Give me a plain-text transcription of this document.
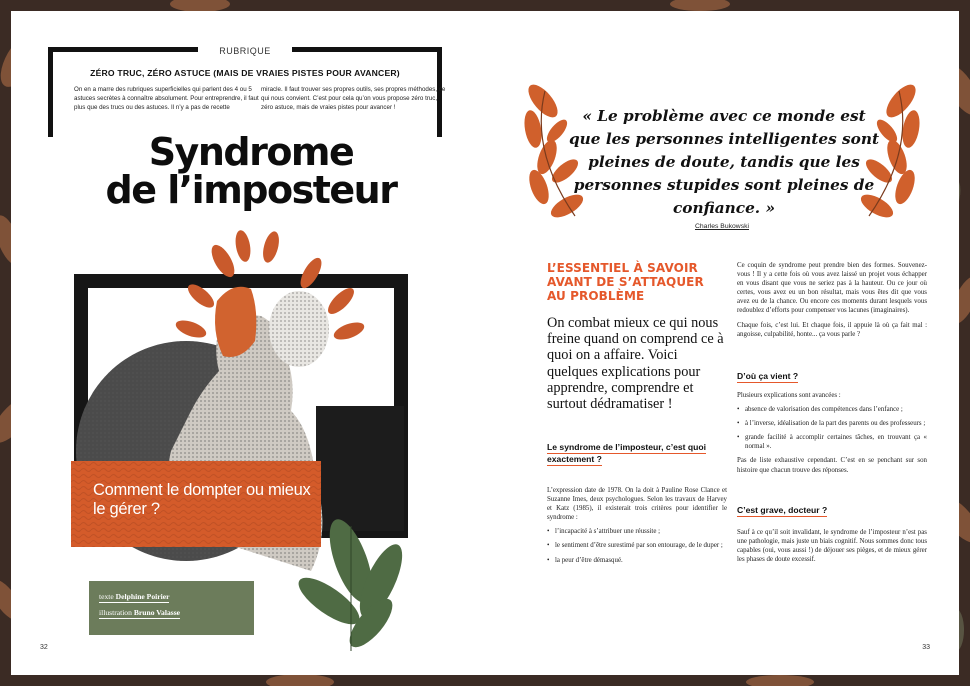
RUBRIQUE
ZÉRO TRUC, ZÉRO ASTUCE (MAIS DE VRAIES PISTES POUR AVANCER)
On en a marre des rubriques superficielles qui parlent des 4 ou 5 astuces secrètes à connaître absolument. Pour entreprendre, il faut plus que des trucs ou des astuces. Il n’y a pas de recette
miracle. Il faut trouver ses propres outils, ses propres méthodes, ce qui nous convient. C’est pour cela qu’on vous propose zéro truc, zéro astuce, mais de vraies pistes pour avancer !
Syndrome
de l’imposteur
Comment le dompter ou mieux le gérer ?
texte Delphine Poirier
illustration Bruno Valasse
32
« Le problème avec ce monde est que les personnes intelligentes sont pleines de doute, tandis que les personnes stupides sont pleines de confiance. »
Charles Bukowski
L’ESSENTIEL À SAVOIR AVANT DE S’ATTAQUER AU PROBLÈME
On combat mieux ce qui nous freine quand on comprend ce à quoi on a affaire. Voici quelques explications pour apprendre, comprendre et surtout dédramatiser !
Le syndrome de l’imposteur, c’est quoi exactement ?

L’expression date de 1978. On la doit à Pauline Rose Clance et Suzanne Imes, deux psychologues. Selon les travaux de Harvey et Katz (1985), il existerait trois critères pour identifier le syndrome :

• l’incapacité à s’attribuer une réussite ;
• le sentiment d’être surestimé par son entourage, de le duper ;
• la peur d’être démasqué.

Ce coquin de syndrome peut prendre bien des formes. Souvenez-vous ! Il y a cette fois où vous avez laissé un projet vous échapper en vous disant que vous ne seriez pas à la hauteur. Ou ce jour où certes, vous avez eu un bon résultat, mais vous êtes dit que vous avez eu de la chance. Ou encore ces moments durant lesquels vous redoublez d’efforts pour compenser vos lacunes (imaginaires).

Chaque fois, c’est lui. Et chaque fois, il appuie là où ça fait mal : angoisse, culpabilité, honte... ça vous parle ?

D’où ça vient ?

Plusieurs explications sont avancées :

• absence de valorisation des compétences dans l’enfance ;
• à l’inverse, idéalisation de la part des parents ou des professeurs ;
• grande facilité à accomplir certaines tâches, en trouvant ça « normal ».

Pas de liste exhaustive cependant. C’est en se penchant sur son histoire que chacun trouve des réponses.

C’est grave, docteur ?

Sauf à ce qu’il soit invalidant, le syndrome de l’imposteur n’est pas une pathologie, mais juste un biais cognitif. Nous sommes donc tous capables (oui, vous aussi !) de déjouer ses pièges, et de mieux gérer les phases de doute excessif.

33
